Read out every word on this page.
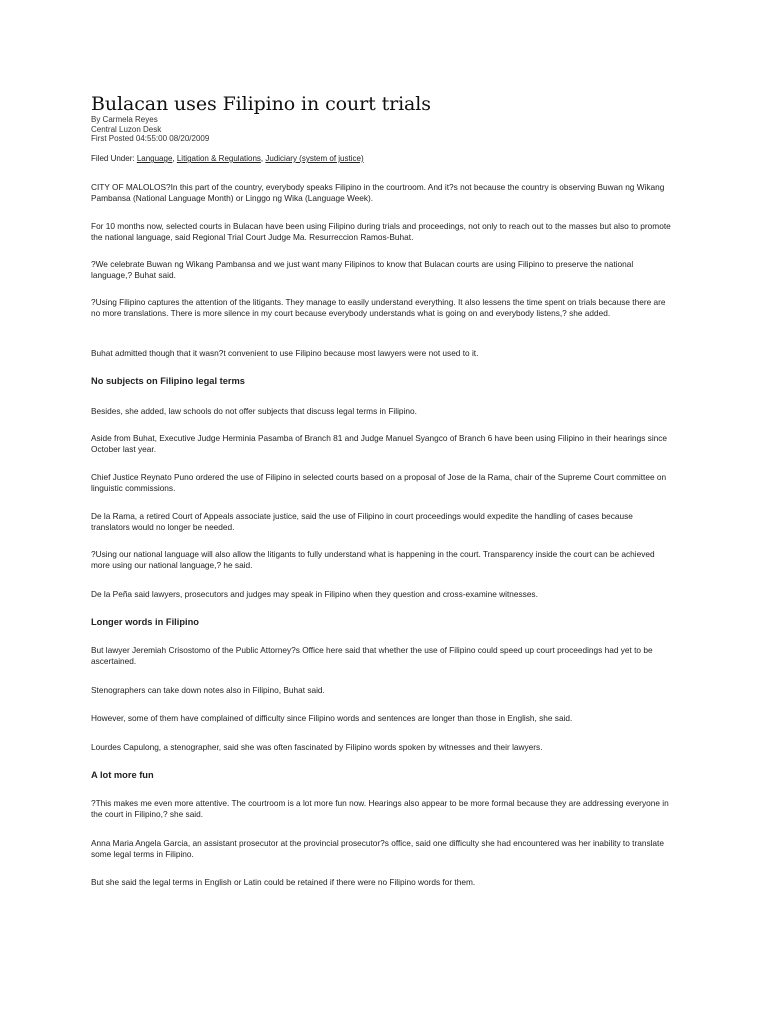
Bulacan uses Filipino in court trials
By Carmela Reyes
Central Luzon Desk
First Posted 04:55:00 08/20/2009
Filed Under: Language, Litigation & Regulations, Judiciary (system of justice)

CITY OF MALOLOS?In this part of the country, everybody speaks Filipino in the courtroom. And it?s not because the country is observing Buwan ng Wikang Pambansa (National Language Month) or Linggo ng Wika (Language Week).

For 10 months now, selected courts in Bulacan have been using Filipino during trials and proceedings, not only to reach out to the masses but also to promote the national language, said Regional Trial Court Judge Ma. Resurreccion Ramos-Buhat.

?We celebrate Buwan ng Wikang Pambansa and we just want many Filipinos to know that Bulacan courts are using Filipino to preserve the national language,? Buhat said.

?Using Filipino captures the attention of the litigants. They manage to easily understand everything. It also lessens the time spent on trials because there are no more translations. There is more silence in my court because everybody understands what is going on and everybody listens,? she added.

Buhat admitted though that it wasn?t convenient to use Filipino because most lawyers were not used to it.

No subjects on Filipino legal terms

Besides, she added, law schools do not offer subjects that discuss legal terms in Filipino.

Aside from Buhat, Executive Judge Herminia Pasamba of Branch 81 and Judge Manuel Syangco of Branch 6 have been using Filipino in their hearings since October last year.

Chief Justice Reynato Puno ordered the use of Filipino in selected courts based on a proposal of Jose de la Rama, chair of the Supreme Court committee on linguistic commissions.

De la Rama, a retired Court of Appeals associate justice, said the use of Filipino in court proceedings would expedite the handling of cases because translators would no longer be needed.

?Using our national language will also allow the litigants to fully understand what is happening in the court. Transparency inside the court can be achieved more using our national language,? he said.

De la Peña said lawyers, prosecutors and judges may speak in Filipino when they question and cross-examine witnesses.

Longer words in Filipino

But lawyer Jeremiah Crisostomo of the Public Attorney?s Office here said that whether the use of Filipino could speed up court proceedings had yet to be ascertained.

Stenographers can take down notes also in Filipino, Buhat said.

However, some of them have complained of difficulty since Filipino words and sentences are longer than those in English, she said.

Lourdes Capulong, a stenographer, said she was often fascinated by Filipino words spoken by witnesses and their lawyers.

A lot more fun

?This makes me even more attentive. The courtroom is a lot more fun now. Hearings also appear to be more formal because they are addressing everyone in the court in Filipino,? she said.

Anna Maria Angela Garcia, an assistant prosecutor at the provincial prosecutor?s office, said one difficulty she had encountered was her inability to translate some legal terms in Filipino.

But she said the legal terms in English or Latin could be retained if there were no Filipino words for them.
